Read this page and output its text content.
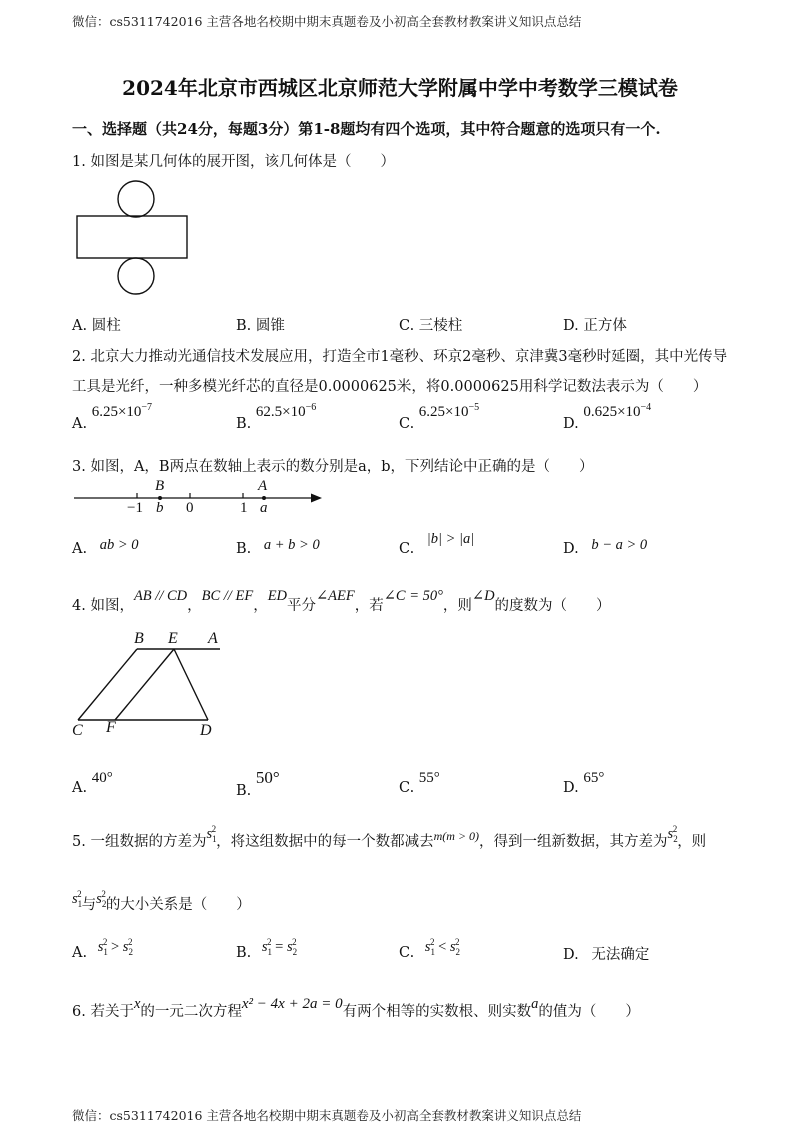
微信：cs5311742016 主营各地名校期中期末真题卷及小初高全套教材教案讲义知识点总结
2024年北京市西城区北京师范大学附属中学中考数学三模试卷
一、选择题（共24分，每题3分）第1-8题均有四个选项，其中符合题意的选项只有一个.
1. 如图是某几何体的展开图，该几何体是（　　）
A. 圆柱	B. 圆锥	C. 三棱柱	D. 正方体
2. 北京大力推动光通信技术发展应用，打造全市1毫秒、环京2毫秒、京津冀3毫秒时延圈，其中光传导
工具是光纤，一种多模光纤芯的直径是0.0000625米，将0.0000625用科学记数法表示为（　　）
A. $6.25\times 10^{-7}$
B. $62.5\times 10^{-6}$
C. $6.25\times 10^{-5}$
D. $0.625\times 10^{-4}$
3. 如图，A，B两点在数轴上表示的数分别是a，b，下列结论中正确的是（　　）
B	A
−1 b 0	1 a
A. ab > 0	B. a + b > 0	C. |b| > |a|
D. b − a > 0
4. 如图，AB // CD，BC // EF，ED平分∠AEF，若∠C = 50°，则∠D的度数为（　　）
B E A
C F	D
A. 40°
B. 50°
C. 55°
D. 65°
5. 一组数据的方差为$s_1^2$，将这组数据中的每一个数都减去$^{m(m > 0)}$，得到一组新数据，其方差为$s_2^2$，则
$s_1^2$与$s_2^2$的大小关系是（　　）
A. $s_1^2 > s_2^2$
B. $s_1^2 = s_2^2$
C. $s_1^2 < s_2^2$
D. 无法确定
6. 若关于x的一元二次方程x² − 4x + 2a = 0有两个相等的实数根、则实数a的值为（　　）
微信：cs5311742016 主营各地名校期中期末真题卷及小初高全套教材教案讲义知识点总结
